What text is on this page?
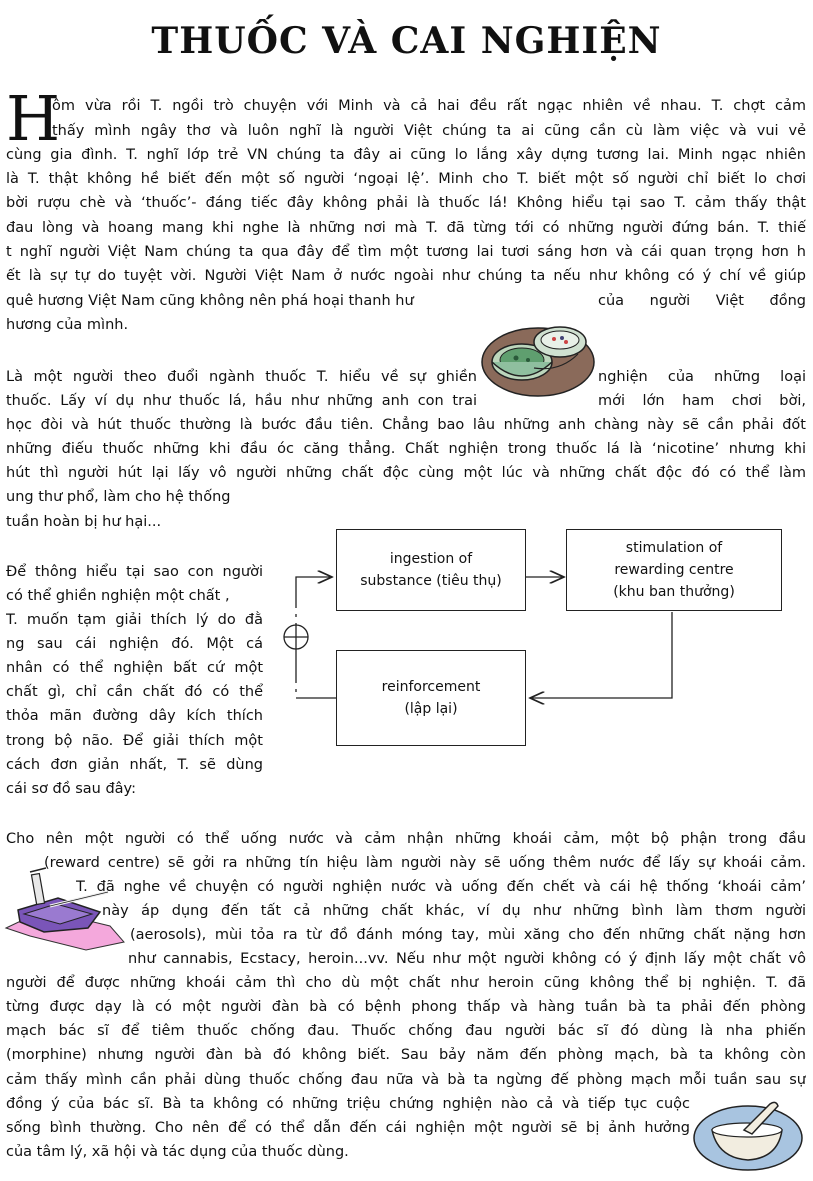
THUỐC VÀ CAI NGHIỆN
H
ôm vừa rồi T. ngồi trò chuyện với Minh và cả hai đều rất ngạc nhiên về nhau. T. chợt cảm
thấy mình ngây thơ và luôn nghĩ là người Việt chúng ta ai cũng cần cù làm việc và vui vẻ
cùng gia đình. T. nghĩ lớp trẻ VN chúng ta đây ai cũng lo lắng xây dựng tương lai. Minh ngạc nhiên
là T. thật không hề biết đến một số người ‘ngoại lệ’. Minh cho T. biết một số người chỉ biết lo chơi
bời rượu chè và ‘thuốc’- đáng tiếc đây không phải là thuốc lá! Không hiểu tại sao T. cảm thấy thật
đau lòng và hoang mang khi nghe là những nơi mà T. đã từng tới có những người đứng bán. T. thiế
t nghĩ người Việt Nam chúng ta qua đây để tìm một tương lai tươi sáng hơn và cái quan trọng hơn h
ết là sự tự do tuyệt vời. Người Việt Nam ở nước ngoài như chúng ta nếu như không có ý chí về giúp
quê hương Việt Nam cũng không nên phá hoại thanh hư	của người Việt đồng
hương của mình.
Là một người theo đuổi ngành thuốc T. hiểu về sự ghiền	nghiện của những loại
thuốc. Lấy ví dụ như thuốc lá, hầu như những anh con trai	mới lớn ham chơi bời,
học đòi và hút thuốc thường là bước đầu tiên. Chẳng bao lâu những anh chàng này sẽ cần phải đốt
những điếu thuốc những khi đầu óc căng thẳng. Chất nghiện trong thuốc lá là ‘nicotine’ nhưng khi
hút thì người hút lại lấy vô người những chất độc cùng một lúc và những chất độc đó có thể làm
ung thư phổ, làm cho hệ thống
tuần hoàn bị hư hại...
Để thông hiểu tại sao con người
có thể ghiền nghiện một chất ,
T. muốn tạm giải thích lý do đằ
ng sau cái nghiện đó. Một cá
nhân có thể nghiện bất cứ một
chất gì, chỉ cần chất đó có thể
thỏa mãn đường dây kích thích
trong bộ não. Để giải thích một
cách đơn giản nhất, T. sẽ dùng
cái sơ đồ sau đây:
ingestion of
substance (tiêu thụ)
stimulation of
rewarding centre
(khu ban thưởng)
reinforcement
(lập lại)
Cho nên một người có thể uống nước và cảm nhận những khoái cảm, một bộ phận trong đầu
(reward centre) sẽ gởi ra những tín hiệu làm người này sẽ uống thêm nước để lấy sự khoái cảm.
T. đã nghe về chuyện có người nghiện nước và uống đến chết và cái hệ thống ‘khoái cảm’
này áp dụng đến tất cả những chất khác, ví dụ như những bình làm thơm người
(aerosols), mùi tỏa ra từ đồ đánh móng tay, mùi xăng cho đến những chất nặng hơn
như cannabis, Ecstacy, heroin...vv. Nếu như một người không có ý định lấy một chất vô
người để được những khoái cảm thì cho dù một chất như heroin cũng không thể bị nghiện. T. đã
từng được dạy là có một người đàn bà có bệnh phong thấp và hàng tuần bà ta phải đến phòng
mạch bác sĩ để tiêm thuốc chống đau. Thuốc chống đau người bác sĩ đó dùng là nha phiến
(morphine) nhưng người đàn bà đó không biết. Sau bảy năm đến phòng mạch, bà ta không còn
cảm thấy mình cần phải dùng thuốc chống đau nữa và bà ta ngừng đế phòng mạch mỗi tuần sau sự
đồng ý của bác sĩ. Bà ta không có những triệu chứng nghiện nào cả và tiếp tục cuộc
sống bình thường. Cho nên để có thể dẫn đến cái nghiện một người sẽ bị ảnh hưởng
của tâm lý, xã hội và tác dụng của thuốc dùng.
